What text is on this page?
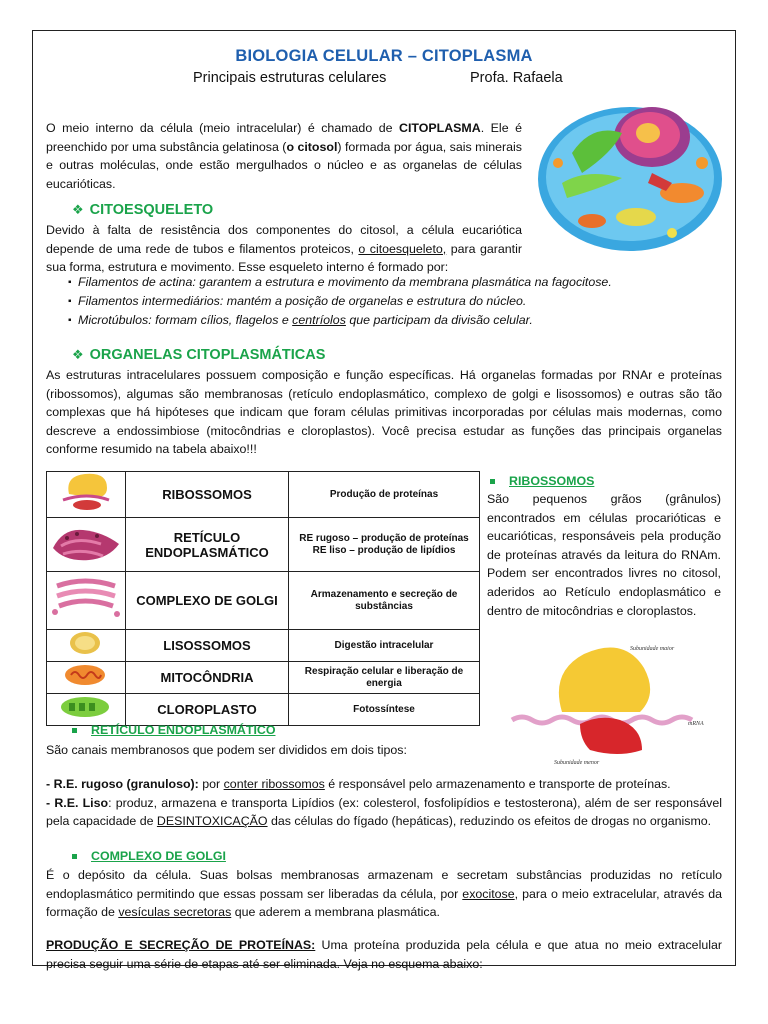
BIOLOGIA CELULAR – CITOPLASMA
Principais estruturas celulares	Profa. Rafaela

O meio interno da célula (meio intracelular) é chamado de CITOPLASMA. Ele é preenchido por uma substância gelatinosa (o citosol) formada por água, sais minerais e outras moléculas, onde estão mergulhados o núcleo e as organelas de células eucarióticas.

❖ CITOESQUELETO

Devido à falta de resistência dos componentes do citosol, a célula eucariótica depende de uma rede de tubos e filamentos proteicos, o citoesqueleto, para garantir sua forma, estrutura e movimento. Esse esqueleto interno é formado por:

▪ Filamentos de actina: garantem a estrutura e movimento da membrana plasmática na fagocitose.
▪ Filamentos intermediários: mantém a posição de organelas e estrutura do núcleo.
▪ Microtúbulos: formam cílios, flagelos e centríolos que participam da divisão celular.
❖ ORGANELAS CITOPLASMÁTICAS

As estruturas intracelulares possuem composição e função específicas. Há organelas formadas por RNAr e proteínas (ribossomos), algumas são membranosas (retículo endoplasmático, complexo de golgi e lisossomos) e outras são tão complexas que há hipóteses que indicam que foram células primitivas incorporadas por células mais modernas, como descreve a endossimbiose (mitocôndrias e cloroplastos). Você precisa estudar as funções das principais organelas conforme resumido na tabela abaixo!!!

	RIBOSSOMOS	Produção de proteínas
	RETÍCULO ENDOPLASMÁTICO	RE rugoso – produção de proteínas
RE liso – produção de lipídios

	COMPLEXO DE GOLGI	Armazenamento e secreção de substâncias
	LISOSSOMOS	Digestão intracelular
	MITOCÔNDRIA	Respiração celular e liberação de energia
	CLOROPLASTO	Fotossíntese
RIBOSSOMOS

São pequenos grãos (grânulos) encontrados em células procarióticas e eucarióticas, responsáveis pela produção de proteínas através da leitura do RNAm. Podem ser encontrados livres no citosol, aderidos ao Retículo endoplasmático e dentro de mitocôndrias e cloroplastos.

Subunidade maior
mRNA
Subunidade menor
RETÍCULO ENDOPLASMÁTICO

São canais membranosos que podem ser divididos em dois tipos:

- R.E. rugoso (granuloso): por conter ribossomos é responsável pelo armazenamento e transporte de proteínas.
- R.E. Liso: produz, armazena e transporta Lipídios (ex: colesterol, fosfolipídios e testosterona), além de ser responsável pela capacidade de DESINTOXICAÇÃO das células do fígado (hepáticas), reduzindo os efeitos de drogas no organismo.

COMPLEXO DE GOLGI

É o depósito da célula. Suas bolsas membranosas armazenam e secretam substâncias produzidas no retículo endoplasmático permitindo que essas possam ser liberadas da célula, por exocitose, para o meio extracelular, através da formação de vesículas secretoras que aderem a membrana plasmática.

PRODUÇÃO E SECREÇÃO DE PROTEÍNAS: Uma proteína produzida pela célula e que atua no meio extracelular precisa seguir uma série de etapas até ser eliminada. Veja no esquema abaixo:
